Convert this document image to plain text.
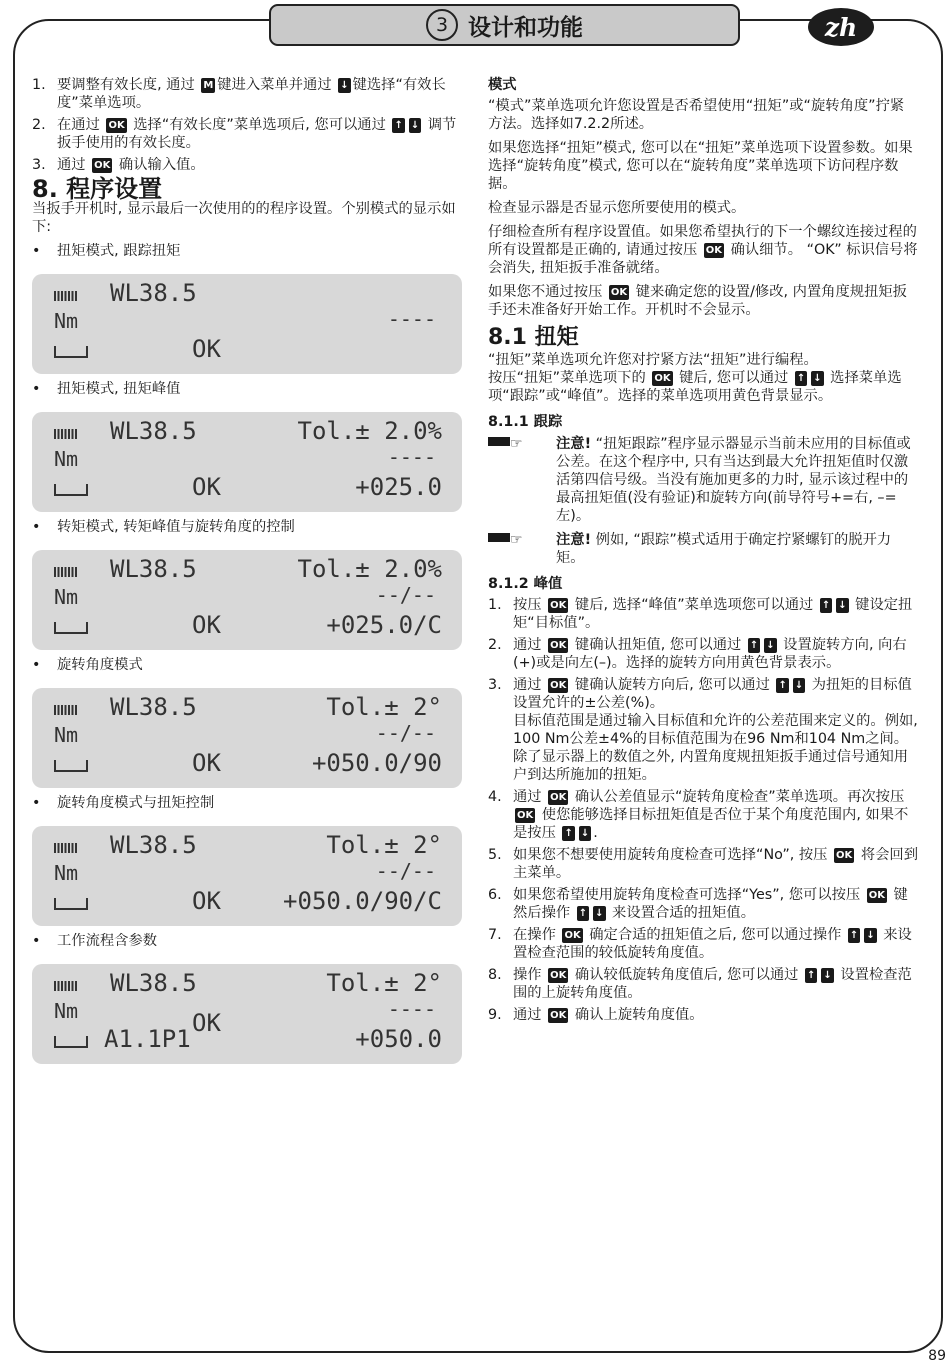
3 设计和功能	zh
1. 要调整有效长度, 通过 M 键进入菜单并通过 ↓ 键选择“有效长度”菜单选项。
2. 在通过 OK 选择“有效长度”菜单选项后, 您可以通过 ↑ ↓ 调节扳手使用的有效长度。
3. 通过 OK 确认输入值。
8. 程序设置

当扳手开机时, 显示最后一次使用的的程序设置。个别模式的显示如下:

• 扭矩模式, 跟踪扭矩
WL38.5
Nm	----
OK
• 扭矩模式, 扭矩峰值
WL38.5	Tol.± 2.0%
Nm	----
OK	+025.0
• 转矩模式, 转矩峰值与旋转角度的控制
WL38.5	Tol.± 2.0%
Nm	--/--
OK	+025.0/C
• 旋转角度模式
WL38.5	Tol.± 2°
Nm	--/--
OK	+050.0/90
• 旋转角度模式与扭矩控制
WL38.5	Tol.± 2°
Nm	--/--
OK	+050.0/90/C
• 工作流程含参数
WL38.5	Tol.± 2°
Nm	----
A1.1P1
OK
+050.0
模式

“模式”菜单选项允许您设置是否希望使用“扭矩”或“旋转角度”拧紧方法。选择如7.2.2所述。

如果您选择“扭矩”模式, 您可以在“扭矩”菜单选项下设置参数。如果选择“旋转角度”模式, 您可以在“旋转角度”菜单选项下访问程序数据。

检查显示器是否显示您所要使用的模式。

仔细检查所有程序设置值。如果您希望执行的下一个螺纹连接过程的所有设置都是正确的, 请通过按压 OK 确认细节。 “OK” 标识信号将会消失, 扭矩扳手准备就绪。

如果您不通过按压 OK 键来确定您的设置/修改, 内置角度规扭矩扳手还未准备好开始工作。开机时不会显示。

8.1 扭矩

“扭矩”菜单选项允许您对拧紧方法“扭矩”进行编程。

按压“扭矩”菜单选项下的 OK 键后, 您可以通过 ↑ ↓ 选择菜单选项“跟踪”或“峰值”。选择的菜单选项用黄色背景显示。

8.1.1 跟踪
☞ 注意! “扭矩跟踪”程序显示器显示当前未应用的目标值或公差。在这个程序中, 只有当达到最大允许扭矩值时仅激活第四信号级。当没有施加更多的力时, 显示该过程中的最高扭矩值(没有验证)和旋转方向(前导符号+=右, –=左)。
☞ 注意! 例如, “跟踪”模式适用于确定拧紧螺钉的脱开力矩。
8.1.2 峰值
1. 按压 OK 键后, 选择“峰值”菜单选项您可以通过 ↑ ↓ 键设定扭矩“目标值”。
2. 通过 OK 键确认扭矩值, 您可以通过 ↑ ↓ 设置旋转方向, 向右(+)或是向左(–)。选择的旋转方向用黄色背景表示。
3. 通过 OK 键确认旋转方向后, 您可以通过 ↑ ↓ 为扭矩的目标值设置允许的±公差(%)。
目标值范围是通过输入目标值和允许的公差范围来定义的。例如, 100 Nm公差±4%的目标值范围为在96 Nm和104 Nm之间。除了显示器上的数值之外, 内置角度规扭矩扳手通过信号通知用户到达所施加的扭矩。
4. 通过 OK 确认公差值显示“旋转角度检查”菜单选项。再次按压 OK 使您能够选择目标扭矩值是否位于某个角度范围内, 如果不是按压 ↑ ↓ .
5. 如果您不想要使用旋转角度检查可选择“No”, 按压 OK 将会回到主菜单。
6. 如果您希望使用旋转角度检查可选择“Yes”, 您可以按压 OK 键然后操作 ↑ ↓ 来设置合适的扭矩值。
7. 在操作 OK 确定合适的扭矩值之后, 您可以通过操作 ↑ ↓ 来设置检查范围的较低旋转角度值。
8. 操作 OK 确认较低旋转角度值后, 您可以通过 ↑ ↓ 设置检查范围的上旋转角度值。
9. 通过 OK 确认上旋转角度值。
89
